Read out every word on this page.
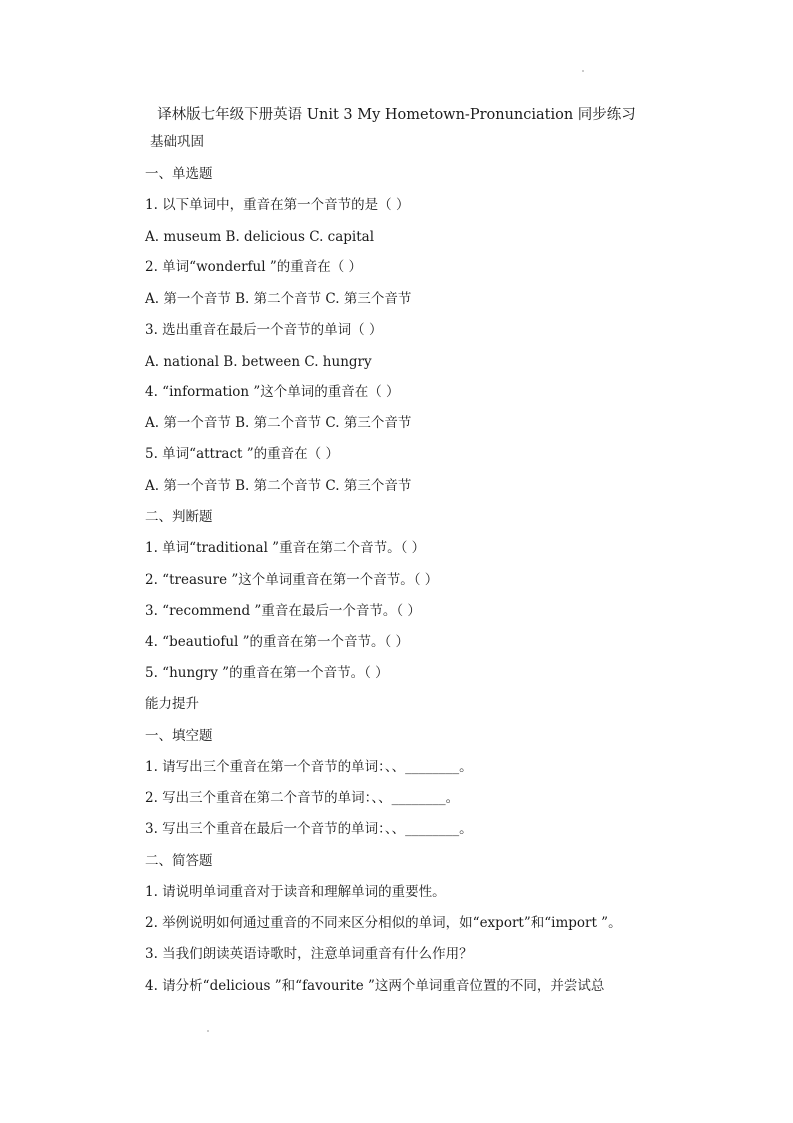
译林版七年级下册英语 Unit 3 My Hometown-Pronunciation 同步练习
基础巩固
一、单选题
1. 以下单词中，重音在第一个音节的是（ ）
A. museum B. delicious C. capital
2. 单词“wonderful ”的重音在（ ）
A. 第一个音节 B. 第二个音节 C. 第三个音节
3. 选出重音在最后一个音节的单词（ ）
A. national B. between C. hungry
4. “information ”这个单词的重音在（ ）
A. 第一个音节 B. 第二个音节 C. 第三个音节
5. 单词“attract ”的重音在（ ）
A. 第一个音节 B. 第二个音节 C. 第三个音节
二、判断题
1. 单词“traditional ”重音在第二个音节。（ ）
2. “treasure ”这个单词重音在第一个音节。（ ）
3. “recommend ”重音在最后一个音节。（ ）
4. “beautioful ”的重音在第一个音节。（ ）
5. “hungry ”的重音在第一个音节。（ ）
能力提升
一、填空题
1. 请写出三个重音在第一个音节的单词：、、________。
2. 写出三个重音在第二个音节的单词：、、________。
3. 写出三个重音在最后一个音节的单词：、、________。
二、简答题
1. 请说明单词重音对于读音和理解单词的重要性。
2. 举例说明如何通过重音的不同来区分相似的单词，如“export”和“import ”。
3. 当我们朗读英语诗歌时，注意单词重音有什么作用？
4. 请分析“delicious ”和“favourite ”这两个单词重音位置的不同，并尝试总
